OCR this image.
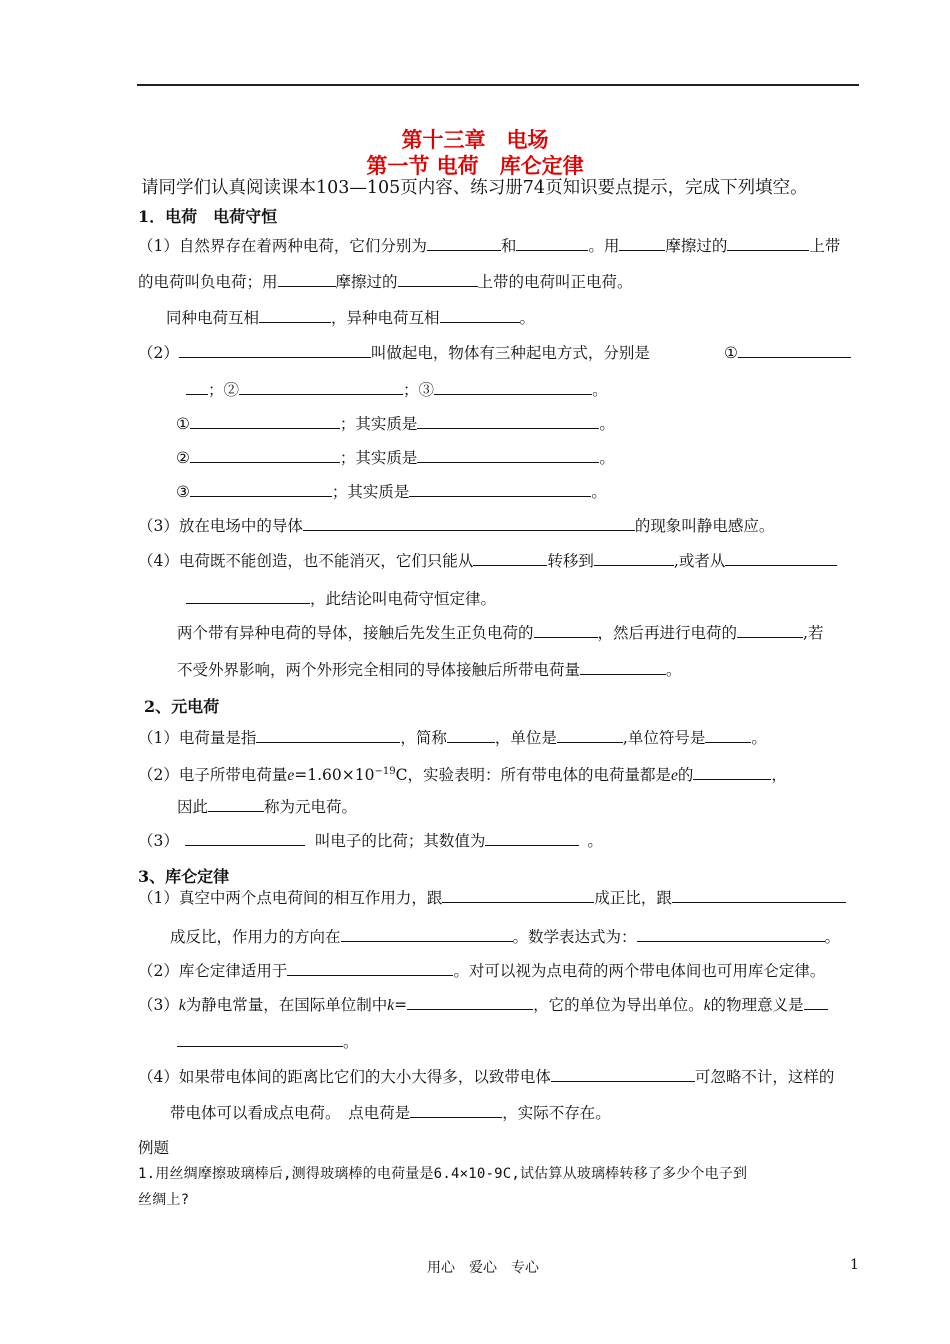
第十三章　电场
第一节 电荷　库仑定律
请同学们认真阅读课本103—105页内容、练习册74页知识要点提示，完成下列填空。
1．电荷　电荷守恒
（1）自然界存在着两种电荷，它们分别为	和	。用	摩擦过的	上带
的电荷叫负电荷；用	摩擦过的	上带的电荷叫正电荷。
同种电荷互相	，异种电荷互相	。
（2）	叫做起电，物体有三种起电方式，分别是	①
；②	；③	。
①	；其实质是	。
②	；其实质是	。
③	；其实质是	。
（3）放在电场中的导体	的现象叫静电感应。
（4）电荷既不能创造，也不能消灭，它们只能从	转移到	,或者从
，此结论叫电荷守恒定律。
两个带有异种电荷的导体，接触后先发生正负电荷的	，然后再进行电荷的	,若
不受外界影响，两个外形完全相同的导体接触后所带电荷量	。
2、元电荷
（1）电荷量是指	，简称	，单位是	,单位符号是	。
（2）电子所带电荷量$e=1.60\times 10^{-19}C$，实验表明：所有带电体的电荷量都是e的	，
因此	称为元电荷。
（3）	叫电子的比荷；其数值为	。
3、库仑定律
（1）真空中两个点电荷间的相互作用力，跟	成正比，跟
成反比，作用力的方向在	。数学表达式为：	。
（2）库仑定律适用于	。对可以视为点电荷的两个带电体间也可用库仑定律。
（3）k为静电常量，在国际单位制中k=	，它的单位为导出单位。k的物理意义是
。
（4）如果带电体间的距离比它们的大小大得多，以致带电体	可忽略不计，这样的
带电体可以看成点电荷。　点电荷是	，实际不存在。
例题
1.用丝绸摩擦玻璃棒后,测得玻璃棒的电荷量是6.4×10-9C,试估算从玻璃棒转移了多少个电子到
丝绸上?
用心　爱心　专心	1
